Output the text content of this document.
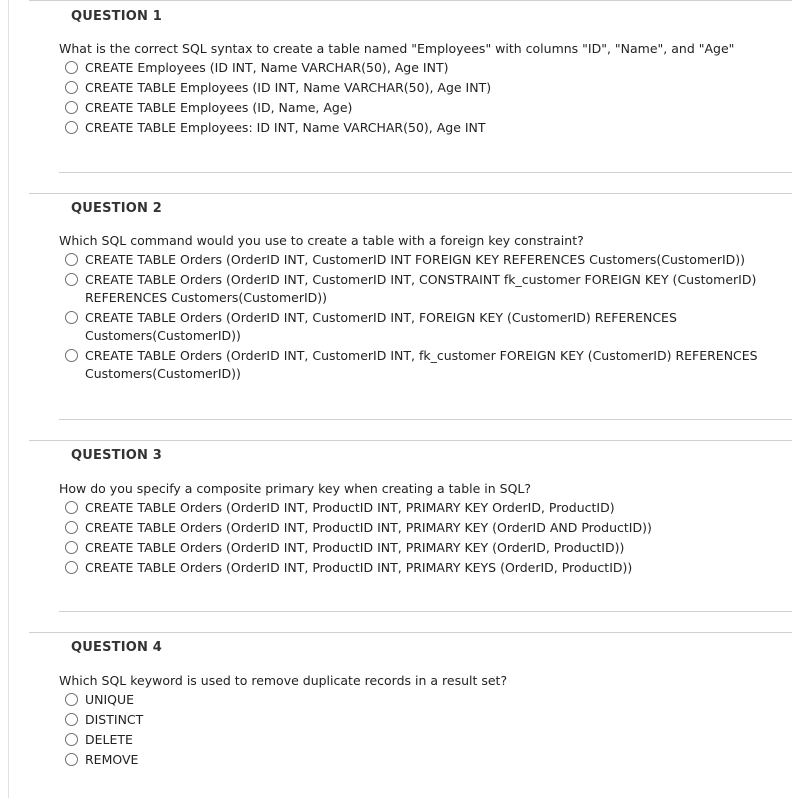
QUESTION 1
What is the correct SQL syntax to create a table named "Employees" with columns "ID", "Name", and "Age"
CREATE Employees (ID INT, Name VARCHAR(50), Age INT)
CREATE TABLE Employees (ID INT, Name VARCHAR(50), Age INT)
CREATE TABLE Employees (ID, Name, Age)
CREATE TABLE Employees: ID INT, Name VARCHAR(50), Age INT
QUESTION 2
Which SQL command would you use to create a table with a foreign key constraint?
CREATE TABLE Orders (OrderID INT, CustomerID INT FOREIGN KEY REFERENCES Customers(CustomerID))
CREATE TABLE Orders (OrderID INT, CustomerID INT, CONSTRAINT fk_customer FOREIGN KEY (CustomerID) REFERENCES Customers(CustomerID))
CREATE TABLE Orders (OrderID INT, CustomerID INT, FOREIGN KEY (CustomerID) REFERENCES Customers(CustomerID))
CREATE TABLE Orders (OrderID INT, CustomerID INT, fk_customer FOREIGN KEY (CustomerID) REFERENCES Customers(CustomerID))
QUESTION 3
How do you specify a composite primary key when creating a table in SQL?
CREATE TABLE Orders (OrderID INT, ProductID INT, PRIMARY KEY OrderID, ProductID)
CREATE TABLE Orders (OrderID INT, ProductID INT, PRIMARY KEY (OrderID AND ProductID))
CREATE TABLE Orders (OrderID INT, ProductID INT, PRIMARY KEY (OrderID, ProductID))
CREATE TABLE Orders (OrderID INT, ProductID INT, PRIMARY KEYS (OrderID, ProductID))
QUESTION 4
Which SQL keyword is used to remove duplicate records in a result set?
UNIQUE
DISTINCT
DELETE
REMOVE
